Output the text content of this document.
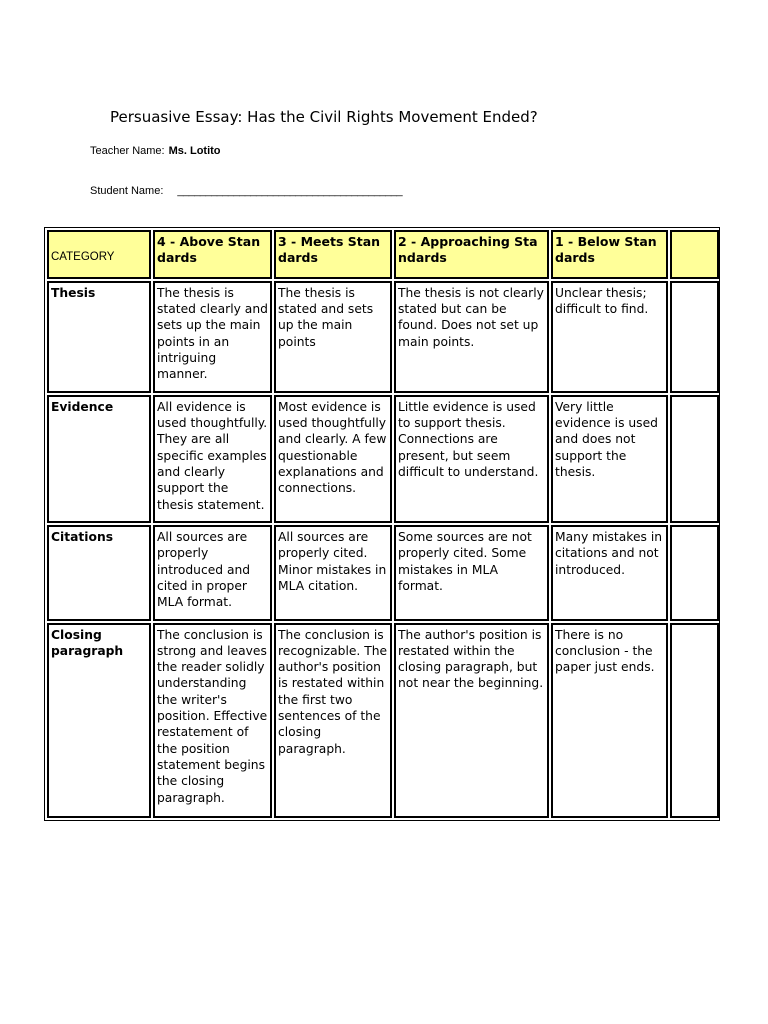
Persuasive Essay: Has the Civil Rights Movement Ended?
Teacher Name: Ms. Lotito
Student Name: ________________________________________
CATEGORY	4 - Above Standards	3 - Meets Standards	2 - Approaching Standards	1 - Below Standards	
Thesis	The thesis is stated clearly and sets up the main points in an intriguing manner.	The thesis is stated and sets up the main points	The thesis is not clearly stated but can be found. Does not set up main points.	Unclear thesis; difficult to find.	
Evidence	All evidence is used thoughtfully. They are all specific examples and clearly support the thesis statement.	Most evidence is used thoughtfully and clearly. A few questionable explanations and connections.	Little evidence is used to support thesis. Connections are present, but seem difficult to understand.	Very little evidence is used and does not support the thesis.	
Citations	All sources are properly introduced and cited in proper MLA format.	All sources are properly cited. Minor mistakes in MLA citation.	Some sources are not properly cited. Some mistakes in MLA format.	Many mistakes in citations and not introduced.	
Closing paragraph	The conclusion is strong and leaves the reader solidly understanding the writer's position. Effective restatement of the position statement begins the closing paragraph.	The conclusion is recognizable. The author's position is restated within the first two sentences of the closing paragraph.	The author's position is restated within the closing paragraph, but not near the beginning.	There is no conclusion - the paper just ends.	
